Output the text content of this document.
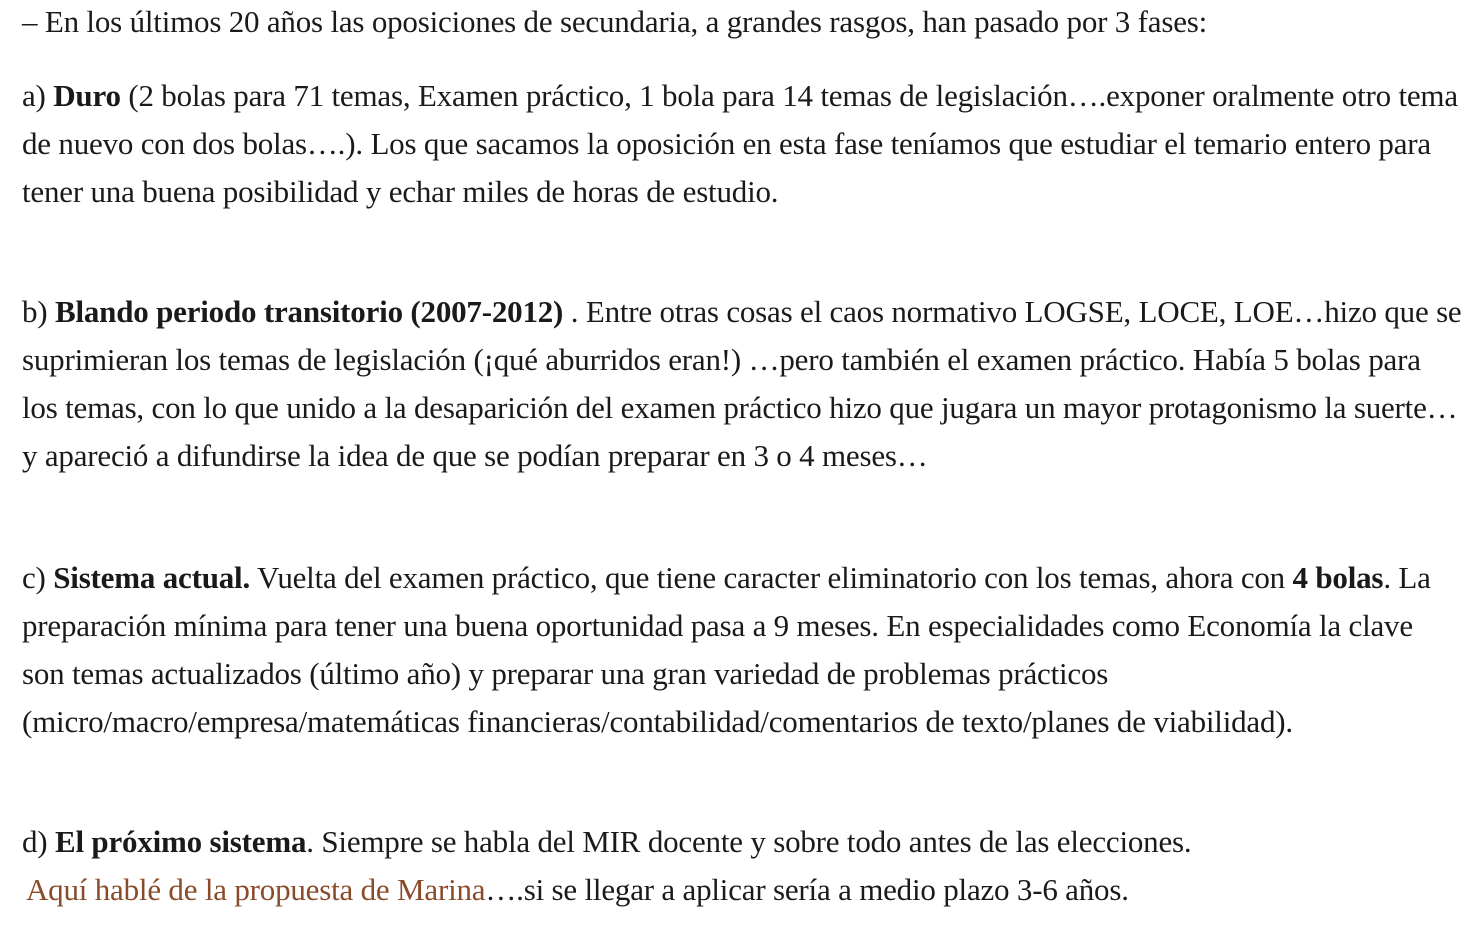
– En los últimos 20 años las oposiciones de secundaria, a grandes rasgos, han pasado por 3 fases:

a) Duro (2 bolas para 71 temas, Examen práctico, 1 bola para 14 temas de legislación….exponer oralmente otro tema de nuevo con dos bolas….). Los que sacamos la oposición en esta fase teníamos que estudiar el temario entero para tener una buena posibilidad y echar miles de horas de estudio.

b) Blando periodo transitorio (2007-2012) . Entre otras cosas el caos normativo LOGSE, LOCE, LOE…hizo que se suprimieran los temas de legislación (¡qué aburridos eran!) …pero también el examen práctico. Había 5 bolas para los temas, con lo que unido a la desaparición del examen práctico hizo que jugara un mayor protagonismo la suerte…y apareció a difundirse la idea de que se podían preparar en 3 o 4 meses…

c) Sistema actual. Vuelta del examen práctico, que tiene caracter eliminatorio con los temas, ahora con 4 bolas. La preparación mínima para tener una buena oportunidad pasa a 9 meses. En especialidades como Economía la clave son temas actualizados (último año) y preparar una gran variedad de problemas prácticos (micro/macro/empresa/matemáticas financieras/contabilidad/comentarios de texto/planes de viabilidad).

d) El próximo sistema. Siempre se habla del MIR docente y sobre todo antes de las elecciones.
Aquí hablé de la propuesta de Marina….si se llegar a aplicar sería a medio plazo 3-6 años.
